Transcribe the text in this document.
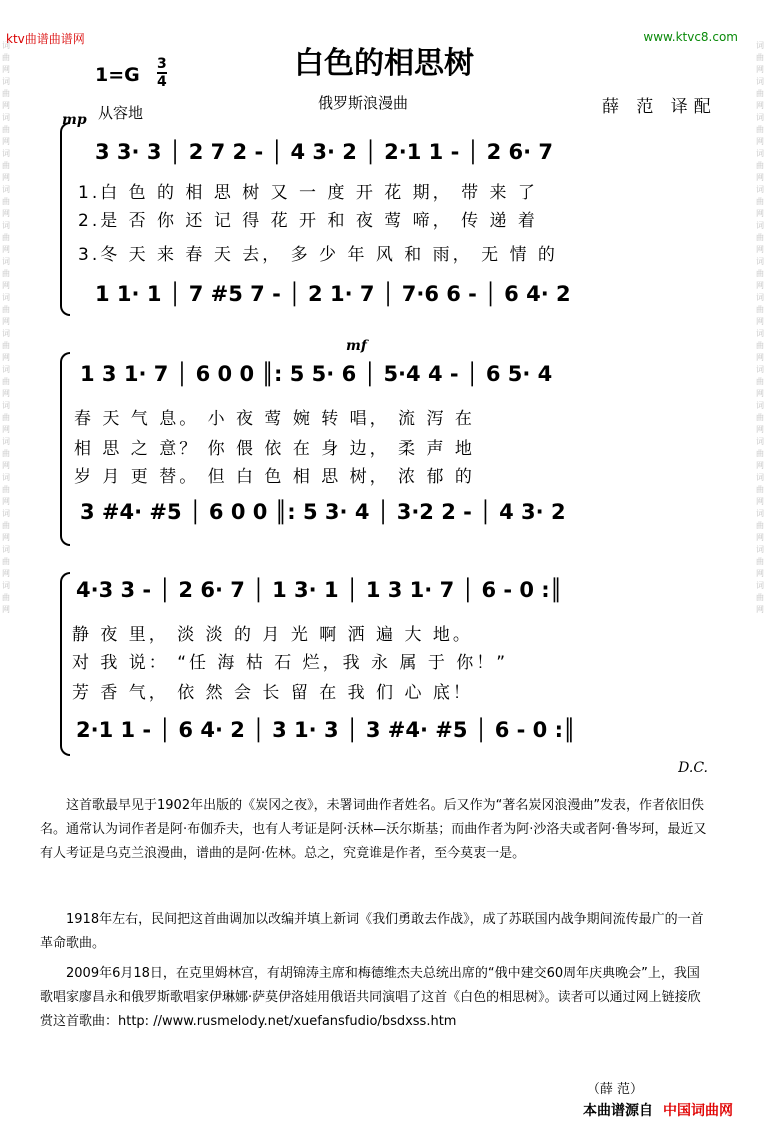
ktv曲谱曲谱网	www.ktvc8.com
词曲网词曲网词曲网词曲网词曲网词曲网词曲网词曲网词曲网词曲网词曲网词曲网词曲网词曲网词曲网词曲网
词曲网词曲网词曲网词曲网词曲网词曲网词曲网词曲网词曲网词曲网词曲网词曲网词曲网词曲网词曲网词曲网
白色的相思树
$1=G \frac{3}{4}$
俄罗斯浪漫曲	薛 范 译配
mp 从容地
3 3· 3 │ 2 7 2 - │ 4 3· 2 │ 2·1 1 - │ 2 6· 7
1.白 色 的 相 思 树 又 一 度 开 花 期， 带 来 了
2.是 否 你 还 记 得 花 开 和 夜 莺 啼， 传 递 着
3.冬 天 来 春 天 去， 多 少 年 风 和 雨， 无 情 的
1 1· 1 │ 7 #5 7 - │ 2 1· 7 │ 7·6 6 - │ 6 4· 2
mf
1 3 1· 7 │ 6 0 0 ║: 5 5· 6 │ 5·4 4 - │ 6 5· 4
春 天 气 息。 小 夜 莺 婉 转 唱， 流 泻 在
相 思 之 意？ 你 偎 依 在 身 边， 柔 声 地
岁 月 更 替。 但 白 色 相 思 树， 浓 郁 的
3 #4· #5 │ 6 0 0 ║: 5 3· 4 │ 3·2 2 - │ 4 3· 2
4·3 3 - │ 2 6· 7 │ 1 3· 1 │ 1 3 1· 7 │ 6 - 0 :║
静 夜 里， 淡 淡 的 月 光 啊 洒 遍 大 地。
对 我 说： “任 海 枯 石 烂，我 永 属 于 你！”
芳 香 气， 依 然 会 长 留 在 我 们 心 底！
2·1 1 - │ 6 4· 2 │ 3 1· 3 │ 3 #4· #5 │ 6 - 0 :║
D.C.
这首歌最早见于1902年出版的《炭冈之夜》，未署词曲作者姓名。后又作为“著名炭冈浪漫曲”发表，作者依旧佚名。通常认为词作者是阿·布伽乔夫，也有人考证是阿·沃林—沃尔斯基；而曲作者为阿·沙洛夫或者阿·鲁岑珂，最近又有人考证是乌克兰浪漫曲，谱曲的是阿·佐林。总之，究竟谁是作者，至今莫衷一是。
1918年左右，民间把这首曲调加以改编并填上新词《我们勇敢去作战》，成了苏联国内战争期间流传最广的一首革命歌曲。
2009年6月18日，在克里姆林宫，有胡锦涛主席和梅德维杰夫总统出席的“俄中建交60周年庆典晚会”上，我国歌唱家廖昌永和俄罗斯歌唱家伊琳娜·萨莫伊洛娃用俄语共同演唱了这首《白色的相思树》。读者可以通过网上链接欣赏这首歌曲：http: //www.rusmelody.net/xuefansfudio/bsdxss.htm
（薛 范）
本曲谱源自 中国词曲网
